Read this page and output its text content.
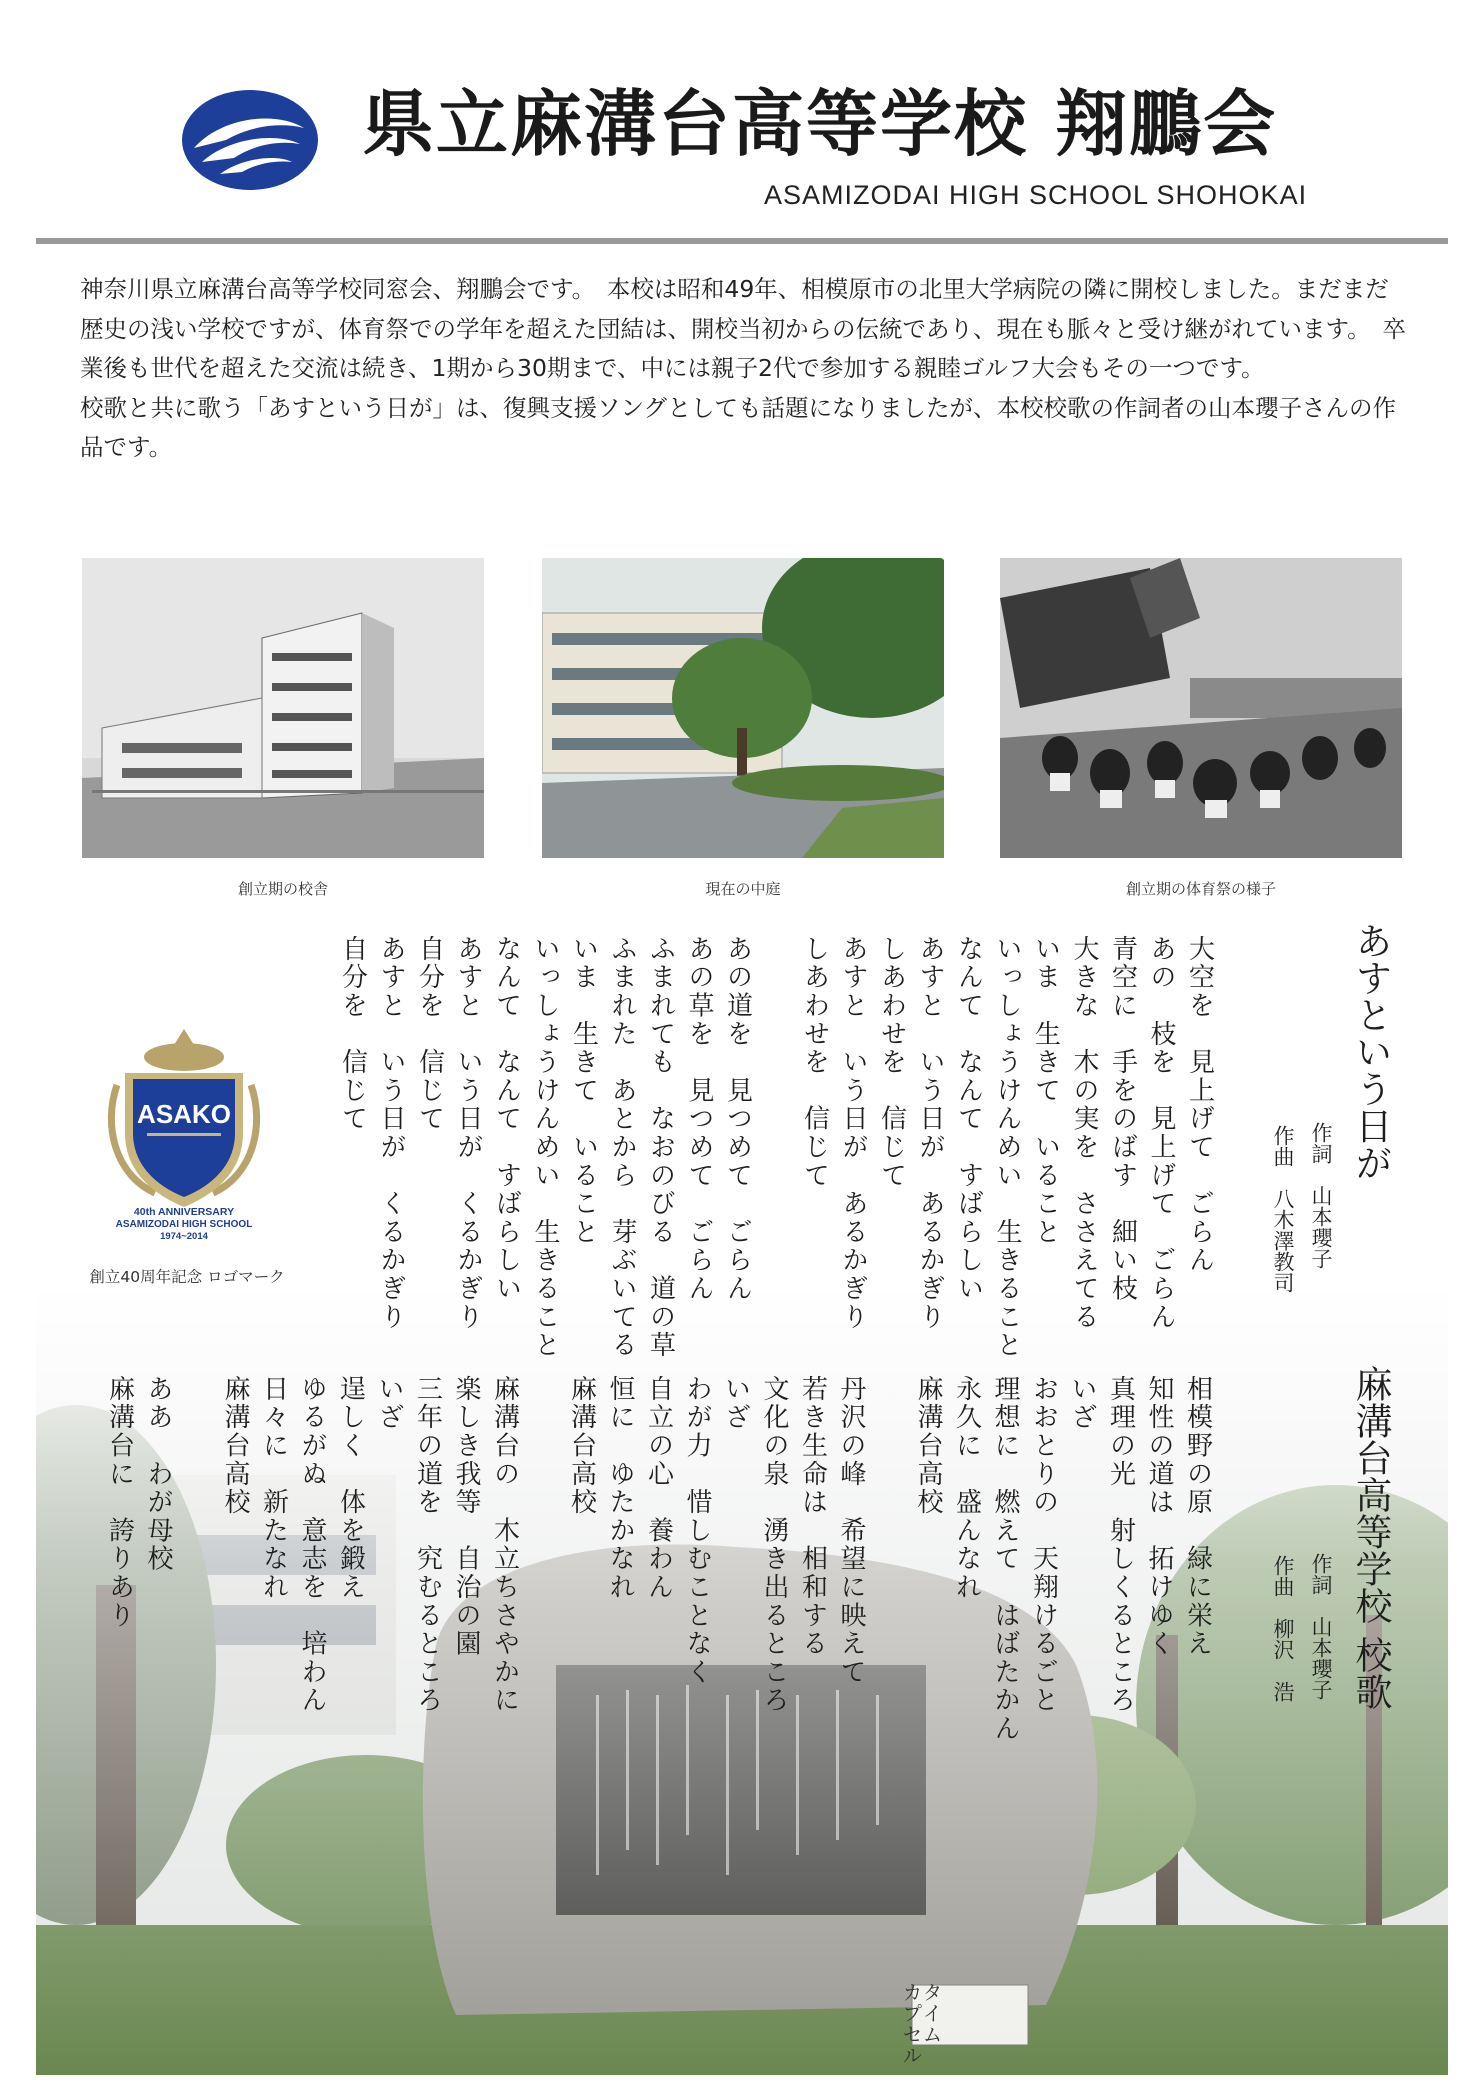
県立麻溝台高等学校 翔鵬会
ASAMIZODAI HIGH SCHOOL SHOHOKAI

神奈川県立麻溝台高等学校同窓会、翔鵬会です。　本校は昭和49年、相模原市の北里大学病院の隣に開校しました。まだまだ歴史の浅い学校ですが、体育祭での学年を超えた団結は、開校当初からの伝統であり、現在も脈々と受け継がれています。　卒業後も世代を超えた交流は続き、1期から30期まで、中には親子2代で参加する親睦ゴルフ大会もその一つです。

校歌と共に歌う「あすという日が」は、復興支援ソングとしても話題になりましたが、本校校歌の作詞者の山本瓔子さんの作品です。

創立期の校舎	現在の中庭	創立期の体育祭の様子
タイム
カプセル
ASAKO
40th ANNIVERSARY
ASAMIZODAI HIGH SCHOOL
1974~2014
創立40周年記念 ロゴマーク
あすという日が
作詞　山本瓔子
作曲　八木澤教司
大空を　見上げて　ごらん
あの　枝を　見上げて　ごらん
青空に　手をのばす　細い枝
大きな　木の実を　ささえてる
いま　生きて　いること
いっしょうけんめい　生きること
なんて　なんて　すばらしい
あすと　いう日が　あるかぎり
しあわせを　信じて
あすと　いう日が　あるかぎり
しあわせを　信じて

あの道を　見つめて　ごらん
あの草を　見つめて　ごらん
ふまれても　なおのびる　道の草
ふまれた　あとから　芽ぶいてる
いま　生きて　いること
いっしょうけんめい　生きること
なんて　なんて　すばらしい
あすと　いう日が　くるかぎり
自分を　信じて
あすと　いう日が　くるかぎり
自分を　信じて
麻溝台高等学校 校歌
作詞　山本瓔子
作曲　柳沢　浩
相模野の原　緑に栄え
知性の道は　拓けゆく
真理の光　射しくるところ
いざ
おおとりの　天翔けるごと
理想に　燃えて　はばたかん
永久に　盛んなれ
麻溝台高校

丹沢の峰　希望に映えて
若き生命は　相和する
文化の泉　湧き出るところ
いざ
わが力　惜しむことなく
自立の心　養わん
恒に　ゆたかなれ
麻溝台高校

麻溝台の　木立ちさやかに
楽しき我等　自治の園
三年の道を　究むるところ
いざ
逞しく　体を鍛え
ゆるがぬ　意志を　培わん
日々に　新たなれ
麻溝台高校

ああ　わが母校
麻溝台に　誇りあり
